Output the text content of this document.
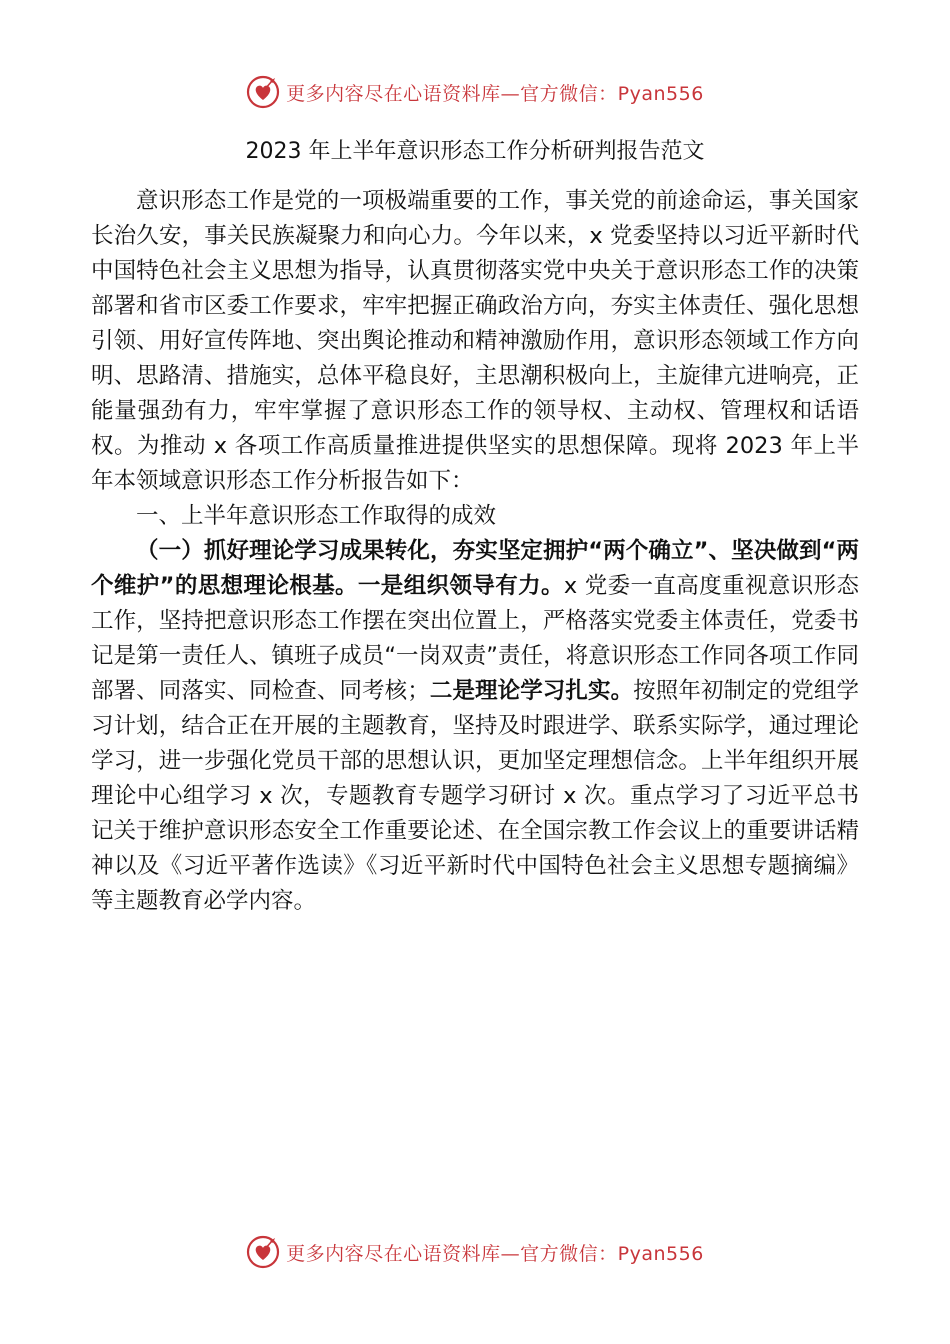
更多内容尽在心语资料库—官方微信：Pyan556
2023 年上半年意识形态工作分析研判报告范文

意识形态工作是党的一项极端重要的工作，事关党的前途命运，事关国家长治久安，事关民族凝聚力和向心力。今年以来，x 党委坚持以习近平新时代中国特色社会主义思想为指导，认真贯彻落实党中央关于意识形态工作的决策部署和省市区委工作要求，牢牢把握正确政治方向，夯实主体责任、强化思想引领、用好宣传阵地、突出舆论推动和精神激励作用，意识形态领域工作方向明、思路清、措施实，总体平稳良好，主思潮积极向上，主旋律亢进响亮，正能量强劲有力，牢牢掌握了意识形态工作的领导权、主动权、管理权和话语权。为推动 x 各项工作高质量推进提供坚实的思想保障。现将 2023 年上半年本领域意识形态工作分析报告如下：

一、上半年意识形态工作取得的成效

（一）抓好理论学习成果转化，夯实坚定拥护“两个确立”、坚决做到“两个维护”的思想理论根基。一是组织领导有力。x 党委一直高度重视意识形态工作，坚持把意识形态工作摆在突出位置上，严格落实党委主体责任，党委书记是第一责任人、镇班子成员“一岗双责”责任，将意识形态工作同各项工作同部署、同落实、同检查、同考核；二是理论学习扎实。按照年初制定的党组学习计划，结合正在开展的主题教育，坚持及时跟进学、联系实际学，通过理论学习，进一步强化党员干部的思想认识，更加坚定理想信念。上半年组织开展理论中心组学习 x 次，专题教育专题学习研讨 x 次。重点学习了习近平总书记关于维护意识形态安全工作重要论述、在全国宗教工作会议上的重要讲话精神以及《习近平著作选读》《习近平新时代中国特色社会主义思想专题摘编》等主题教育必学内容。

更多内容尽在心语资料库—官方微信：Pyan556
